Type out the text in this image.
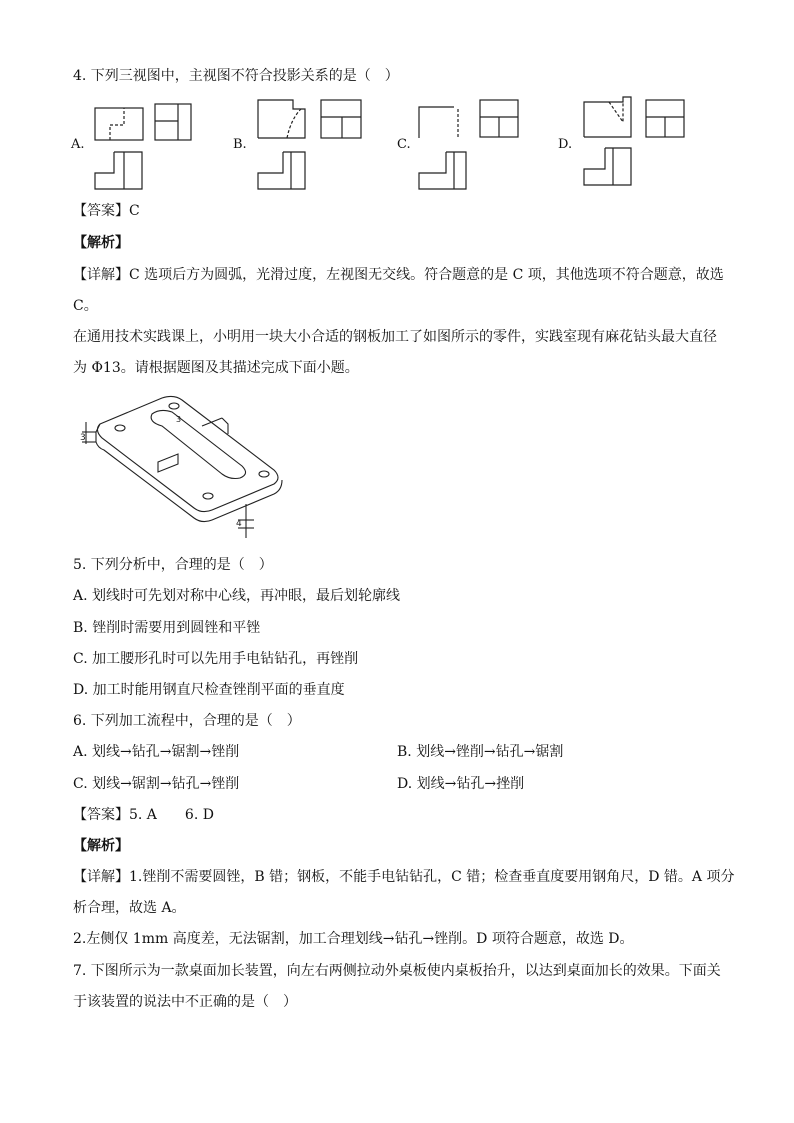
4. 下列三视图中，主视图不符合投影关系的是（　）
A.	B.	C.	D.
【答案】C
【解析】
【详解】C 选项后方为圆弧，光滑过度，左视图无交线。符合题意的是 C 项，其他选项不符合题意，故选
C。
在通用技术实践课上，小明用一块大小合适的钢板加工了如图所示的零件，实践室现有麻花钻头最大直径
为 Φ13。请根据题图及其描述完成下面小题。
3
4
3
5. 下列分析中，合理的是（　）
A. 划线时可先划对称中心线，再冲眼，最后划轮廓线
B. 锉削时需要用到圆锉和平锉
C. 加工腰形孔时可以先用手电钻钻孔，再锉削
D. 加工时能用钢直尺检查锉削平面的垂直度
6. 下列加工流程中，合理的是（　）
A. 划线→钻孔→锯割→锉削	B. 划线→锉削→钻孔→锯割
C. 划线→锯割→钻孔→锉削	D. 划线→钻孔→挫削
【答案】5. A　　6. D
【解析】
【详解】1.锉削不需要圆锉，B 错；钢板，不能手电钻钻孔，C 错；检查垂直度要用钢角尺，D 错。A 项分
析合理，故选 A。
2.左侧仅 1mm 高度差，无法锯割，加工合理划线→钻孔→锉削。D 项符合题意，故选 D。
7. 下图所示为一款桌面加长装置，向左右两侧拉动外桌板使内桌板抬升，以达到桌面加长的效果。下面关
于该装置的说法中不正确的是（　）
